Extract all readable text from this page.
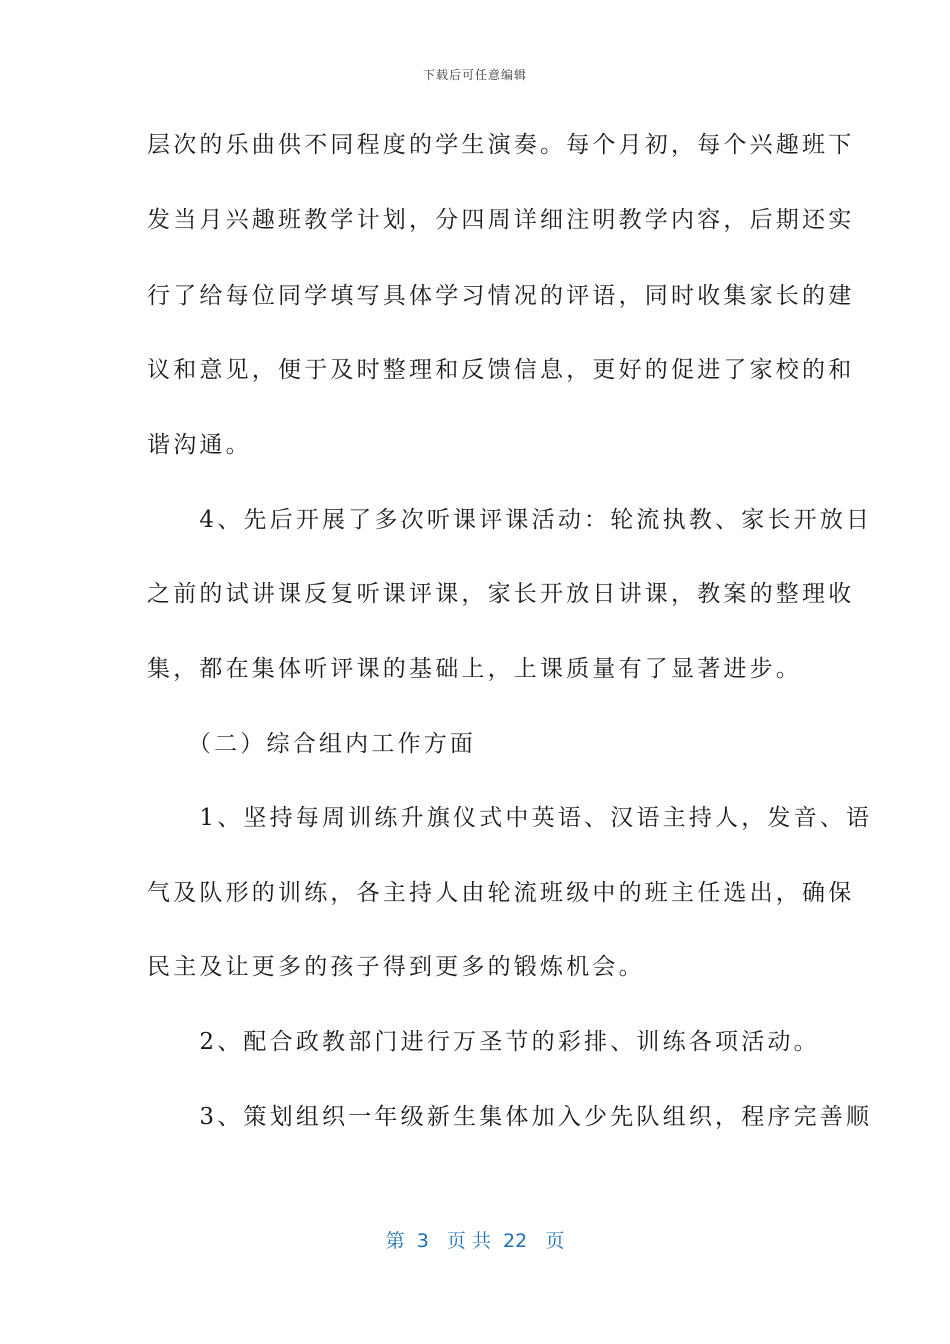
下载后可任意编辑
层次的乐曲供不同程度的学生演奏。每个月初，每个兴趣班下
发当月兴趣班教学计划，分四周详细注明教学内容，后期还实
行了给每位同学填写具体学习情况的评语，同时收集家长的建
议和意见，便于及时整理和反馈信息，更好的促进了家校的和
谐沟通。
　　4、先后开展了多次听课评课活动：轮流执教、家长开放日
之前的试讲课反复听课评课，家长开放日讲课，教案的整理收
集，都在集体听评课的基础上，上课质量有了显著进步。
　　（二）综合组内工作方面
　　1、坚持每周训练升旗仪式中英语、汉语主持人，发音、语
气及队形的训练，各主持人由轮流班级中的班主任选出，确保
民主及让更多的孩子得到更多的锻炼机会。
　　2、配合政教部门进行万圣节的彩排、训练各项活动。
　　3、策划组织一年级新生集体加入少先队组织，程序完善顺
第  3   页 共  22   页
